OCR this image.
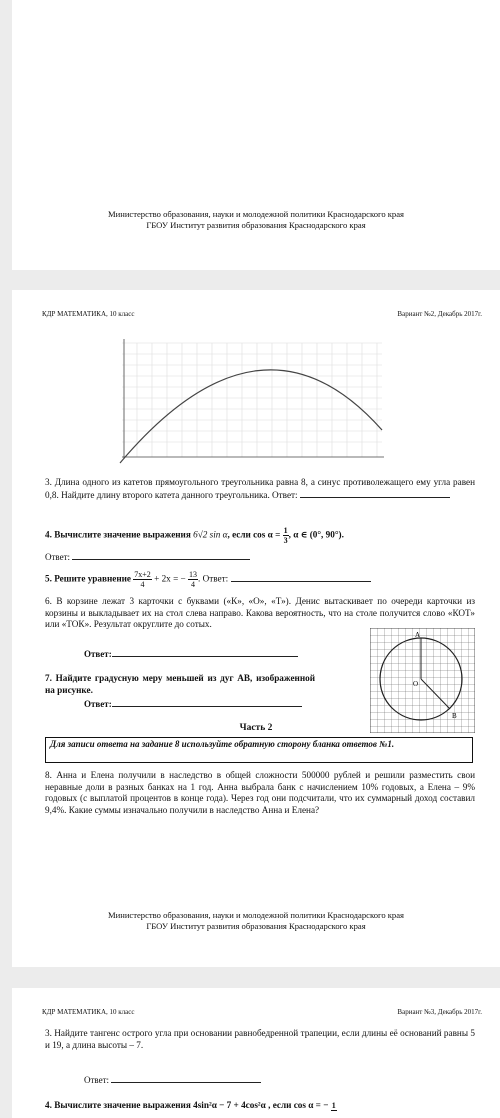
Министерство образования, науки и молодежной политики Краснодарского края
ГБОУ Институт развития образования Краснодарского края
КДР МАТЕМАТИКА, 10 класс	Вариант №2, Декабрь 2017г.
3. Длина одного из катетов прямоугольного треугольника равна 8, а синус противолежащего ему угла равен 0,8. Найдите длину второго катета данного треугольника. Ответ:
4. Вычислите значение выражения 6√2 sin α, если $\cos \alpha = \frac{1}{3}$ , α ∈ (0°, 90°).
Ответ:
5. Решите уравнение $\frac{7x+2}{4} + 2x$ = − $\frac{13}{4}$ . Ответ:
6. В корзине лежат 3 карточки с буквами («К», «О», «Т»). Денис вытаскивает по очереди карточки из корзины и выкладывает их на стол слева направо. Какова вероятность, что на столе получится слово «КОТ» или «ТОК». Результат округлите до сотых.
Ответ:
7. Найдите градусную меру меньшей из дуг AB, изображенной на рисунке.
Ответ:
A
O
B
Часть 2
Для записи ответа на задание 8 используйте обратную сторону бланка ответов №1.
8. Анна и Елена получили в наследство в общей сложности 500000 рублей и решили разместить свои неравные доли в разных банках на 1 год. Анна выбрала банк с начислением 10% годовых, а Елена – 9% годовых (с выплатой процентов в конце года). Через год они подсчитали, что их суммарный доход составил 9,4%. Какие суммы изначально получили в наследство Анна и Елена?
Министерство образования, науки и молодежной политики Краснодарского края
ГБОУ Институт развития образования Краснодарского края
КДР МАТЕМАТИКА, 10 класс	Вариант №3, Декабрь 2017г.
3. Найдите тангенс острого угла при основании равнобедренной трапеции, если длины её оснований равны 5 и 19, а длина высоты – 7.
Ответ:
4. Вычислите значение выражения 4sin²α − 7 + 4cos²α , если cos α = − 1
